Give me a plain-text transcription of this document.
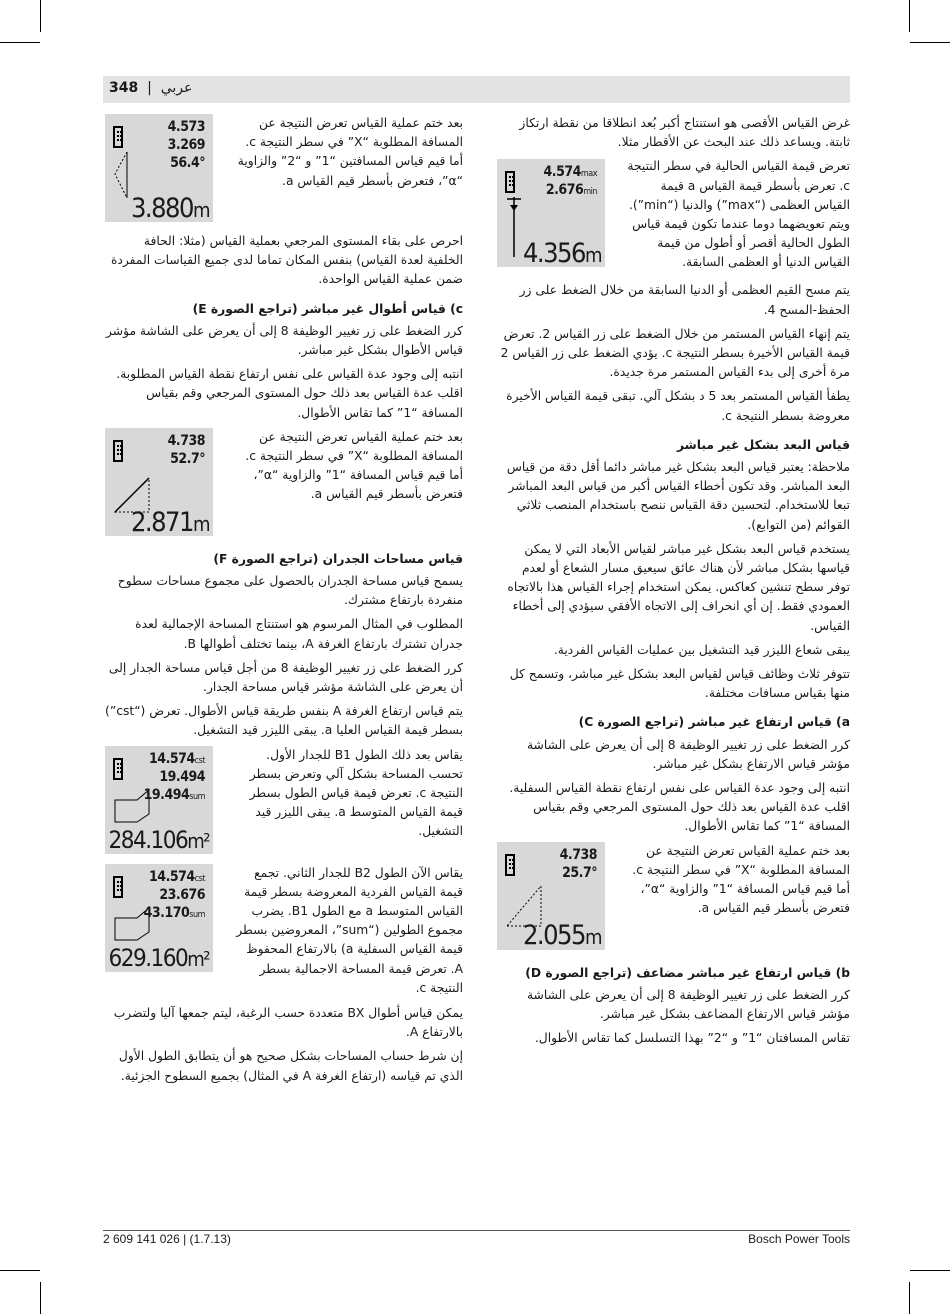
348 | عربي

غرض القياس الأقصى هو استنتاج أكبر بُعد انطلاقا من نقطة ارتكاز ثابتة. ويساعد ذلك عند البحث عن الأقطار مثلا.

4.574max
2.676min
4.356m
تعرض قيمة القياس الحالية في سطر النتيجة c. تعرض بأسطر قيمة القياس a قيمة القياس العظمى (“max”) والدنيا (“min”). ويتم تعويضهما دوما عندما تكون قيمة قياس الطول الحالية أقصر أو أطول من قيمة القياس الدنيا أو العظمى السابقة.

يتم مسح القيم العظمى أو الدنيا السابقة من خلال الضغط على زر الحفظ-المسح 4.

يتم إنهاء القياس المستمر من خلال الضغط على زر القياس 2. تعرض قيمة القياس الأخيرة بسطر النتيجة c. يؤدي الضغط على زر القياس 2 مرة أخرى إلى بدء القياس المستمر مرة جديدة.

يطفأ القياس المستمر بعد 5 د بشكل آلي. تبقى قيمة القياس الأخيرة معروضة بسطر النتيجة c.

قياس البعد بشكل غير مباشر

ملاحظة: يعتبر قياس البعد بشكل غير مباشر دائما أقل دقة من قياس البعد المباشر. وقد تكون أخطاء القياس أكبر من قياس البعد المباشر تبعا للاستخدام. لتحسين دقة القياس ننصح باستخدام المنصب ثلاثي القوائم (من التوابع).

يستخدم قياس البعد بشكل غير مباشر لقياس الأبعاد التي لا يمكن قياسها بشكل مباشر لأن هناك عائق سيعيق مسار الشعاع أو لعدم توفر سطح تنشين كعاكس. يمكن استخدام إجراء القياس هذا بالاتجاه العمودي فقط. إن أي انحراف إلى الاتجاه الأفقي سيؤدي إلى أخطاء القياس.

يبقى شعاع الليزر قيد التشغيل بين عمليات القياس الفردية.

تتوفر ثلاث وظائف قياس لقياس البعد بشكل غير مباشر، وتسمح كل منها بقياس مسافات مختلفة.

a) قياس ارتفاع غير مباشر (تراجع الصورة C)

كرر الضغط على زر تغيير الوظيفة 8 إلى أن يعرض على الشاشة مؤشر قياس الارتفاع بشكل غير مباشر.

انتبه إلى وجود عدة القياس على نفس ارتفاع نقطة القياس السفلية. اقلب عدة القياس بعد ذلك حول المستوى المرجعي وقم بقياس المسافة “1” كما تقاس الأطوال.

4.738
25.7°
2.055m
بعد ختم عملية القياس تعرض النتيجة عن المسافة المطلوبة “X” في سطر النتيجة c. أما قيم قياس المسافة “1” والزاوية “α”، فتعرض بأسطر قيم القياس a.
b) قياس ارتفاع غير مباشر مضاعف (تراجع الصورة D)

كرر الضغط على زر تغيير الوظيفة 8 إلى أن يعرض على الشاشة مؤشر قياس الارتفاع المضاعف بشكل غير مباشر.

تقاس المسافتان “1” و “2” بهذا التسلسل كما تقاس الأطوال.

4.573
3.269
56.4°
3.880m
بعد ختم عملية القياس تعرض النتيجة عن المسافة المطلوبة “X” في سطر النتيجة c. أما قيم قياس المسافتين “1” و “2” والزاوية “α”، فتعرض بأسطر قيم القياس a.

احرص على بقاء المستوى المرجعي بعملية القياس (مثلا: الحافة الخلفية لعدة القياس) بنفس المكان تماما لدى جميع القياسات المفردة ضمن عملية القياس الواحدة.

c) قياس أطوال غير مباشر (تراجع الصورة E)

كرر الضغط على زر تغيير الوظيفة 8 إلى أن يعرض على الشاشة مؤشر قياس الأطوال بشكل غير مباشر.

انتبه إلى وجود عدة القياس على نفس ارتفاع نقطة القياس المطلوبة. اقلب عدة القياس بعد ذلك حول المستوى المرجعي وقم بقياس المسافة “1” كما تقاس الأطوال.

4.738
52.7°
2.871m
بعد ختم عملية القياس تعرض النتيجة عن المسافة المطلوبة “X” في سطر النتيجة c. أما قيم قياس المسافة “1” والزاوية “α”، فتعرض بأسطر قيم القياس a.
قياس مساحات الجدران (تراجع الصورة F)

يسمح قياس مساحة الجدران بالحصول على مجموع مساحات سطوح منفردة بارتفاع مشترك.

المطلوب في المثال المرسوم هو استنتاج المساحة الإجمالية لعدة جدران تشترك بارتفاع الغرفة A، بينما تختلف أطوالها B.

كرر الضغط على زر تغيير الوظيفة 8 من أجل قياس مساحة الجدار إلى أن يعرض على الشاشة مؤشر قياس مساحة الجدار.

يتم قياس ارتفاع الغرفة A بنفس طريقة قياس الأطوال. تعرض (“cst”) بسطر قيمة القياس العليا a. يبقى الليزر قيد التشغيل.

14.574cst
19.494
19.494sum
284.106m²
يقاس بعد ذلك الطول B1 للجدار الأول. تحسب المساحة بشكل آلي وتعرض بسطر النتيجة c. تعرض قيمة قياس الطول بسطر قيمة القياس المتوسط a. يبقى الليزر قيد التشغيل.
14.574cst
23.676
43.170sum
629.160m²
يقاس الآن الطول B2 للجدار الثاني. تجمع قيمة القياس الفردية المعروضة بسطر قيمة القياس المتوسط a مع الطول B1. يضرب مجموع الطولين (“sum”، المعروضين بسطر قيمة القياس السفلية a) بالارتفاع المحفوظ A. تعرض قيمة المساحة الاجمالية بسطر النتيجة c.

يمكن قياس أطوال BX متعددة حسب الرغبة، ليتم جمعها آليا ولتضرب بالارتفاع A.

إن شرط حساب المساحات بشكل صحيح هو أن يتطابق الطول الأول الذي تم قياسه (ارتفاع الغرفة A في المثال) بجميع السطوح الجزئية.

2 609 141 026 | (1.7.13)	Bosch Power Tools
